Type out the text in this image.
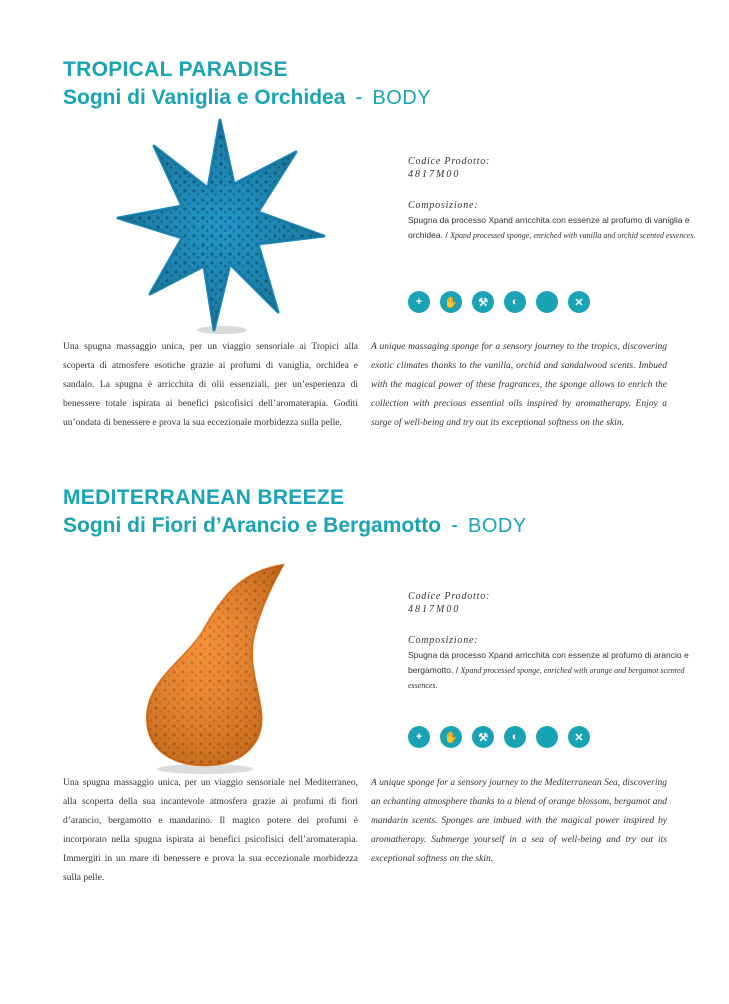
TROPICAL PARADISE
Sogni di Vaniglia e Orchidea - BODY
Codice Prodotto:
4817M00
Composizione:
Spugna da processo Xpand arricchita con essenze al profumo di vaniglia e orchidea. / Xpand processed sponge, enriched with vanilla and orchid scented essences.
+	✋	⚒	◐	✕
Una spugna massaggio unica, per un viaggio sensoriale ai Tropici alla scoperta di atmosfere esotiche grazie ai profumi di vaniglia, orchidea e sandalo. La spugna è arricchita di olii essenziali, per un’esperienza di benessere totale ispirata ai benefici psicofisici dell’aromaterapia. Goditi un’ondata di benessere e prova la sua eccezionale morbidezza sulla pelle.
A unique massaging sponge for a sensory journey to the tropics, discovering exotic climates thanks to the vanilla, orchid and sandalwood scents. Imbued with the magical power of these fragrances, the sponge allows to enrich the collection with precious essential oils inspired by aromatherapy. Enjoy a surge of well-being and try out its exceptional softness on the skin.
MEDITERRANEAN BREEZE
Sogni di Fiori d’Arancio e Bergamotto - BODY
Codice Prodotto:
4817M00
Composizione:
Spugna da processo Xpand arricchita con essenze al profumo di arancio e bergamotto. / Xpand processed sponge, enriched with orange and bergamot scented essences.
+	✋	⚒	◐	✕
Una spugna massaggio unica, per un viaggio sensoriale nel Mediterraneo, alla scoperta della sua incantevole atmosfera grazie ai profumi di fiori d’arancio, bergamotto e mandarino. Il magico potere dei profumi è incorporato nella spugna ispirata ai benefici psicofisici dell’aromaterapia. Immergiti in un mare di benessere e prova la sua eccezionale morbidezza sulla pelle.
A unique sponge for a sensory journey to the Mediterranean Sea, discovering an echanting atmosphere thanks to a blend of orange blossom, bergamot and mandarin scents. Sponges are imbued with the magical power inspired by aromatherapy. Submerge yourself in a sea of well-being and try out its exceptional softness on the skin.
